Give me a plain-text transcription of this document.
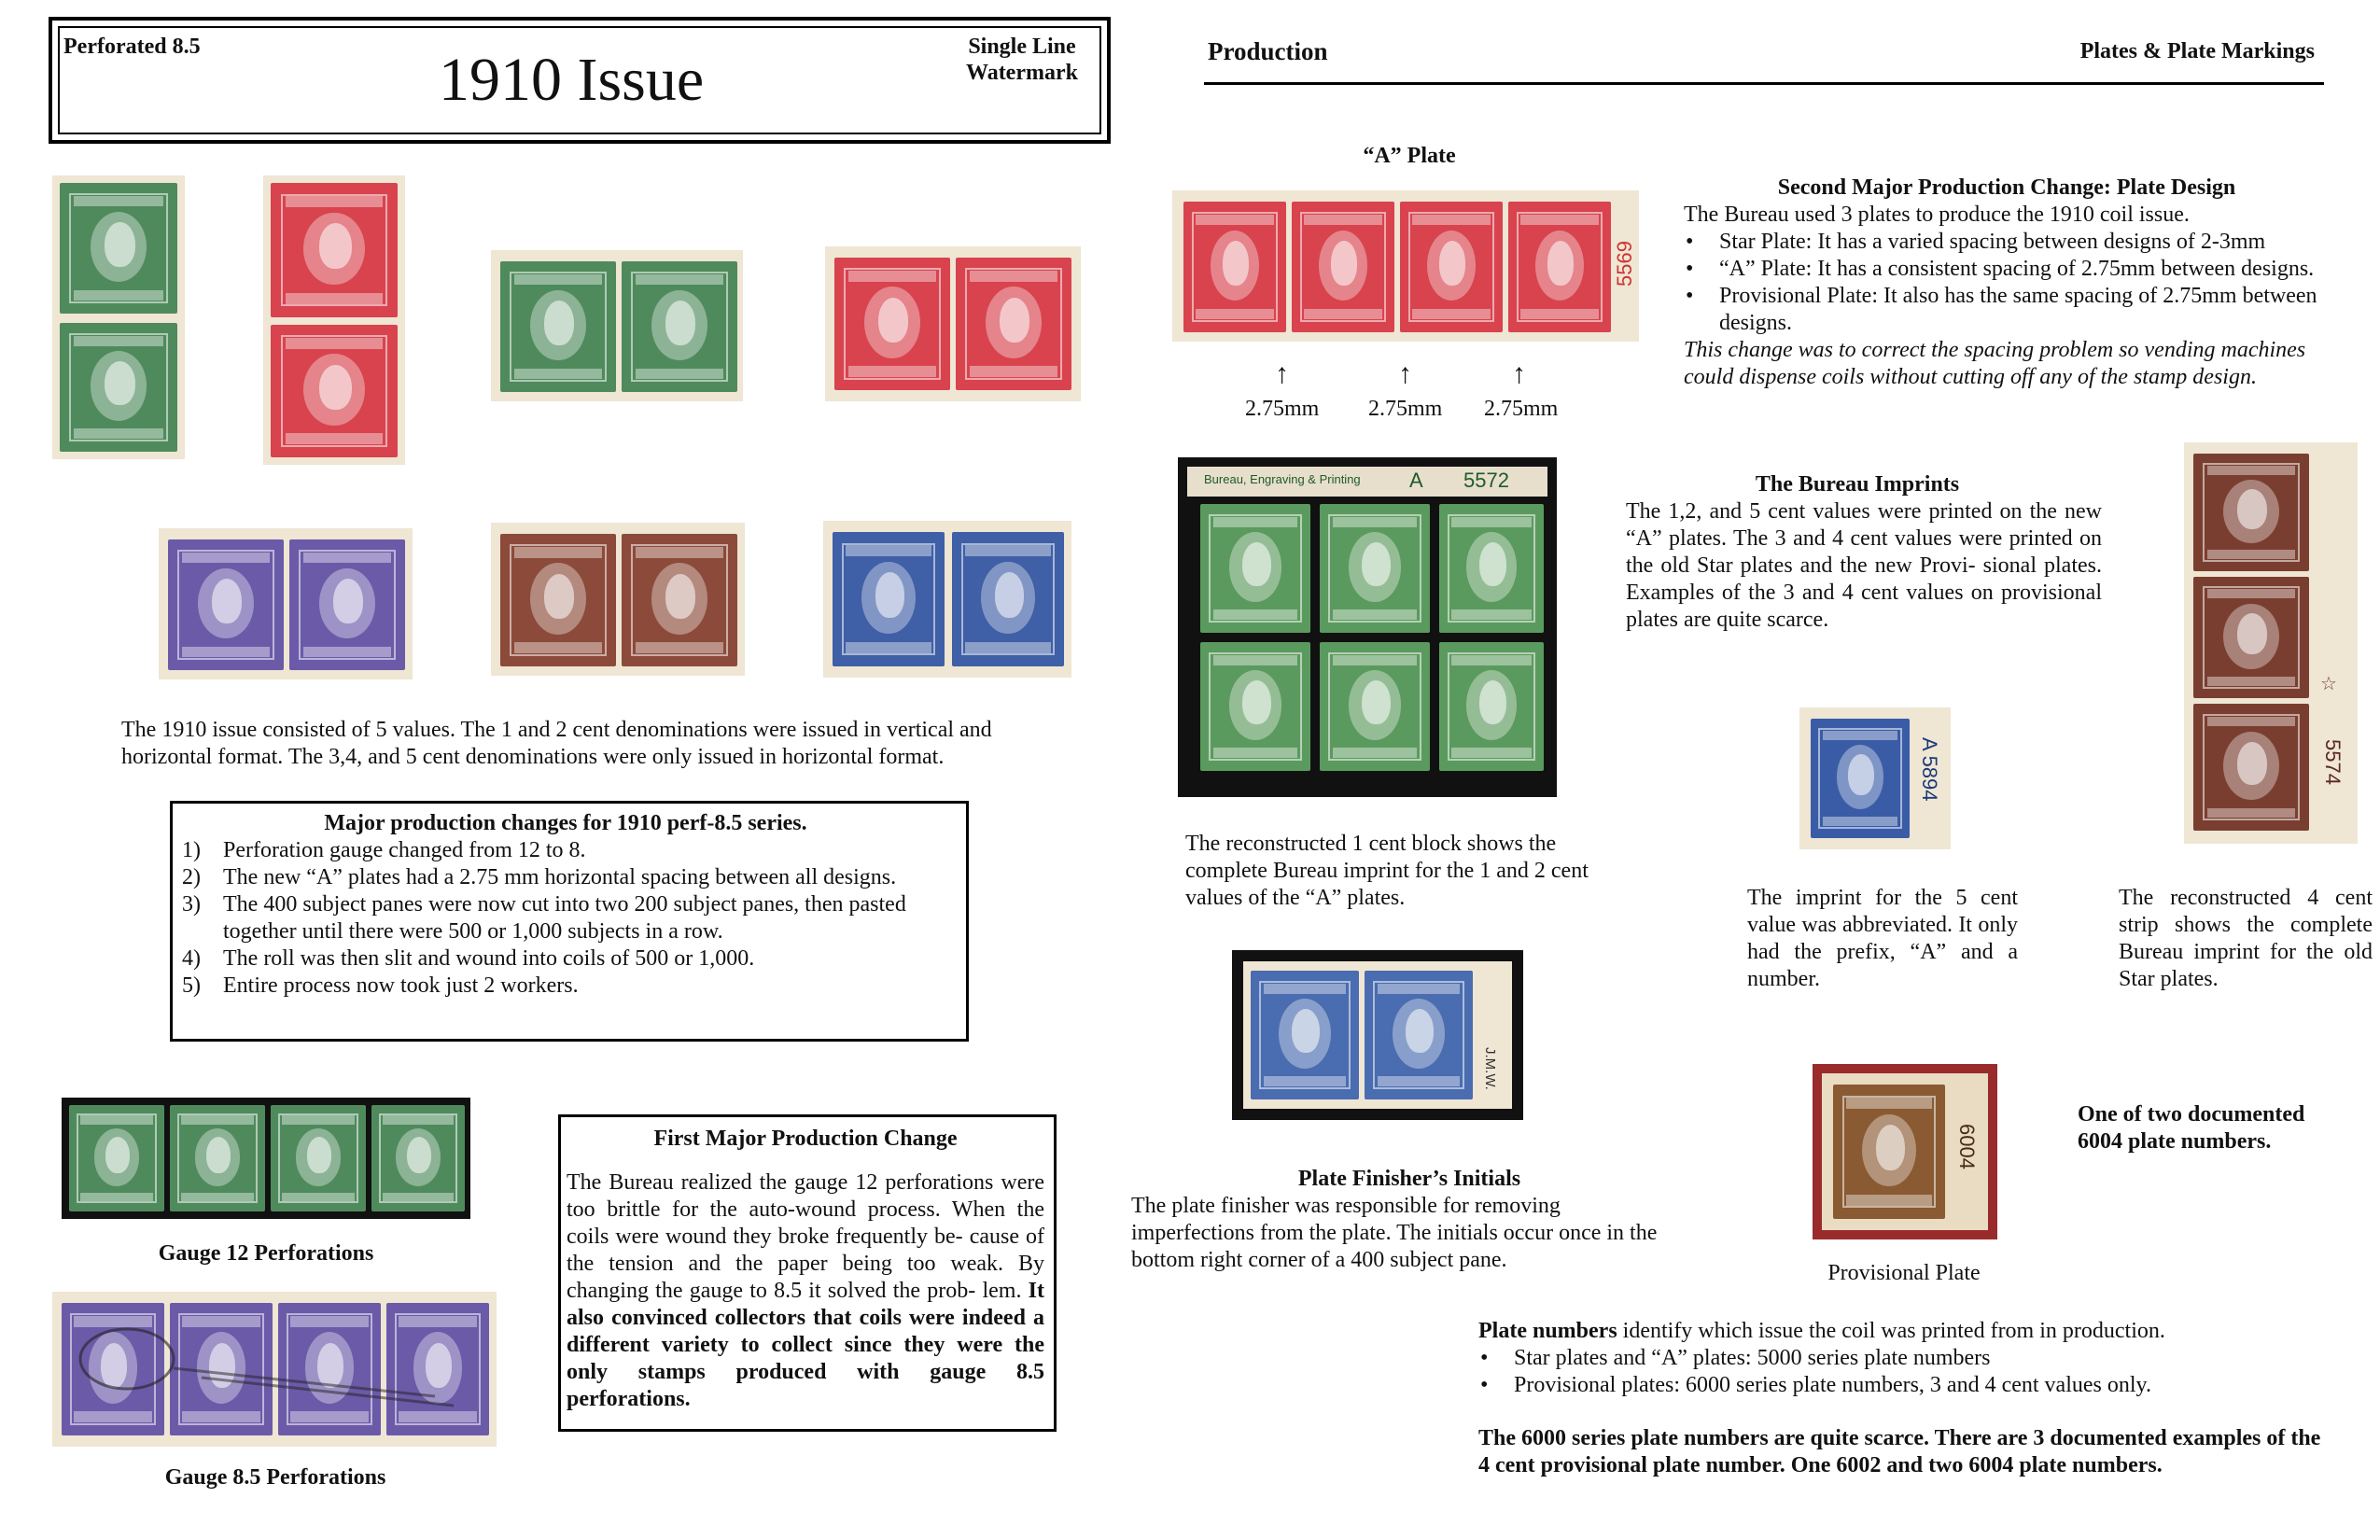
Perforated 8.5	1910 Issue	Single Line
Watermark
The 1910 issue consisted of 5 values. The 1 and 2 cent denominations were issued in vertical and horizontal format. The 3,4, and 5 cent denominations were only issued in horizontal format.
Major production changes for 1910 perf-8.5 series.
1) Perforation gauge changed from 12 to 8.
2) The new “A” plates had a 2.75 mm horizontal spacing between all designs.
3) The 400 subject panes were now cut into two 200 subject panes, then pasted together until there were 500 or 1,000 subjects in a row.
4) The roll was then slit and wound into coils of 500 or 1,000.
5) Entire process now took just 2 workers.
Gauge 12 Perforations
Gauge 8.5 Perforations
First Major Production Change
The Bureau realized the gauge 12 perforations were too brittle for the auto-wound process. When the coils were wound they broke frequently be- cause of the tension and the paper being too weak. By changing the gauge to 8.5 it solved the prob- lem. It also convinced collectors that coils were indeed a different variety to collect since they were the only stamps produced with gauge 8.5 perforations.
Production	Plates & Plate Markings
“A” Plate
5569
↑	↑	↑
2.75mm 2.75mm 2.75mm
Second Major Production Change: Plate Design
The Bureau used 3 plates to produce the 1910 coil issue.
• Star Plate: It has a varied spacing between designs of 2-3mm
• “A” Plate: It has a consistent spacing of 2.75mm between designs.
• Provisional Plate: It also has the same spacing of 2.75mm between designs.
This change was to correct the spacing problem so vending machines could dispense coils without cutting off any of the stamp design.
Bureau, Engraving & Printing A 5572
The reconstructed 1 cent block shows the complete Bureau imprint for the 1 and 2 cent values of the “A” plates.
The Bureau Imprints
The 1,2, and 5 cent values were printed on the new “A” plates. The 3 and 4 cent values were printed on the old Star plates and the new Provi- sional plates. Examples of the 3 and 4 cent values on provisional plates are quite scarce.
☆
5574
A 5894
The imprint for the 5 cent value was abbreviated. It only had the prefix, “A” and a number.
The reconstructed 4 cent strip shows the complete Bureau imprint for the old Star plates.
J.M.W.
Plate Finisher’s Initials
The plate finisher was responsible for removing imperfections from the plate. The initials occur once in the bottom right corner of a 400 subject pane.
6004
Provisional Plate
One of two documented 6004 plate numbers.
Plate numbers identify which issue the coil was printed from in production.
• Star plates and “A” plates: 5000 series plate numbers
• Provisional plates: 6000 series plate numbers, 3 and 4 cent values only.
The 6000 series plate numbers are quite scarce. There are 3 documented examples of the 4 cent provisional plate number. One 6002 and two 6004 plate numbers.
